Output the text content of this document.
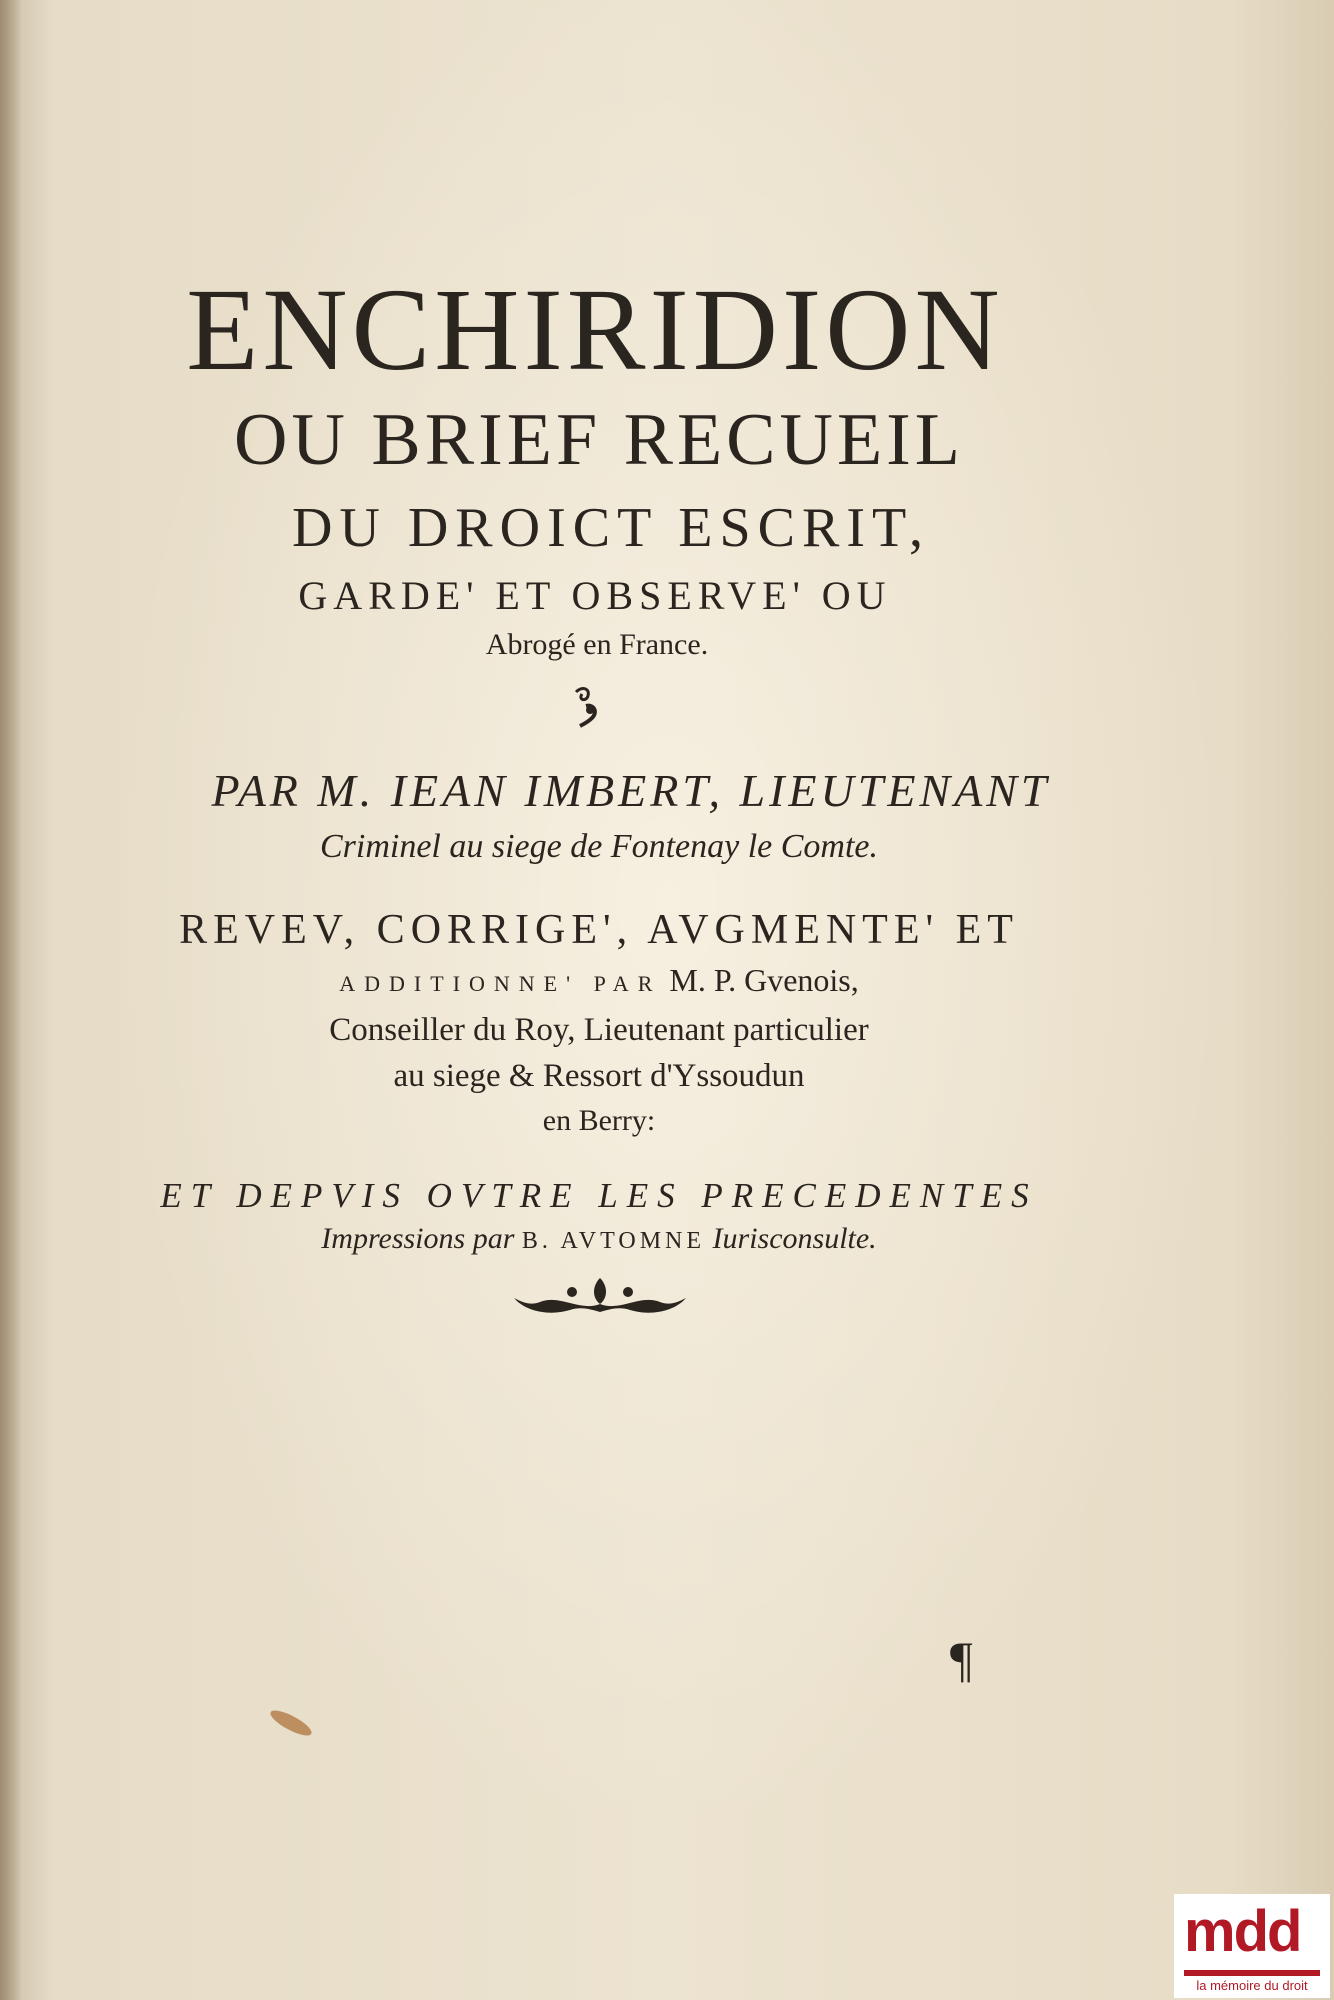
ENCHIRIDION
OU BRIEF RECUEIL
DU DROICT ESCRIT,
GARDE' ET OBSERVE' OU
Abrogé en France.
PAR M. IEAN IMBERT, LIEUTENANT
Criminel au siege de Fontenay le Comte.
REVEV, CORRIGE', AVGMENTE' ET
ADDITIONNE' PAR M. P. Gvenois,
Conseiller du Roy, Lieutenant particulier
au siege & Ressort d'Yssoudun
en Berry:
ET DEPVIS OVTRE LES PRECEDENTES
Impressions par B. AVTOMNE Iurisconsulte.
¶
mdd
la mémoire du droit
